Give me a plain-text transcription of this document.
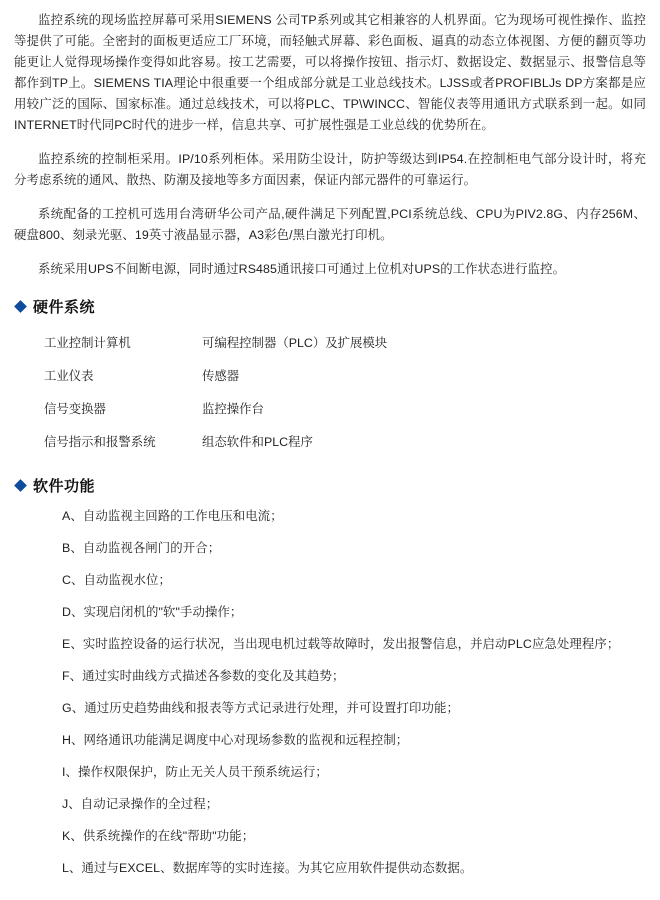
监控系统的现场监控屏幕可采用SIEMENS 公司TP系列或其它相兼容的人机界面。它为现场可视性操作、监控等提供了可能。全密封的面板更适应工厂环境，而轻触式屏幕、彩色面板、逼真的动态立体视图、方便的翻页等功能更让人觉得现场操作变得如此容易。按工艺需要，可以将操作按钮、指示灯、数据设定、数据显示、报警信息等都作到TP上。SIEMENS TIA理论中很重要一个组成部分就是工业总线技术。LJSS或者PROFIBLJs DP方案都是应用较广泛的国际、国家标准。通过总线技术，可以将PLC、TP\WINCC、智能仪表等用通讯方式联系到一起。如同INTERNET时代同PC时代的进步一样，信息共享、可扩展性强是工业总线的优势所在。

监控系统的控制柜采用。IP/10系列柜体。采用防尘设计，防护等级达到IP54.在控制柜电气部分设计时，将充分考虑系统的通风、散热、防潮及接地等多方面因素，保证内部元器件的可靠运行。

系统配备的工控机可选用台湾研华公司产品,硬件满足下列配置,PCI系统总线、CPU为PIV2.8G、内存256M、硬盘800、刻录光驱、19英寸液晶显示器，A3彩色/黑白激光打印机。

系统采用UPS不间断电源，同时通过RS485通讯接口可通过上位机对UPS的工作状态进行监控。

硬件系统
工业控制计算机	可编程控制器（PLC）及扩展模块
工业仪表	传感器
信号变换器	监控操作台
信号指示和报警系统	组态软件和PLC程序
软件功能
A、自动监视主回路的工作电压和电流；
B、自动监视各闸门的开合；
C、自动监视水位；
D、实现启闭机的"软"手动操作；
E、实时监控设备的运行状况，当出现电机过载等故障时，发出报警信息，并启动PLC应急处理程序；
F、通过实时曲线方式描述各参数的变化及其趋势；
G、通过历史趋势曲线和报表等方式记录进行处理，并可设置打印功能；
H、网络通讯功能满足调度中心对现场参数的监视和远程控制；
I、操作权限保护，防止无关人员干预系统运行；
J、自动记录操作的全过程；
K、供系统操作的在线"帮助"功能；
L、通过与EXCEL、数据库等的实时连接。为其它应用软件提供动态数据。
